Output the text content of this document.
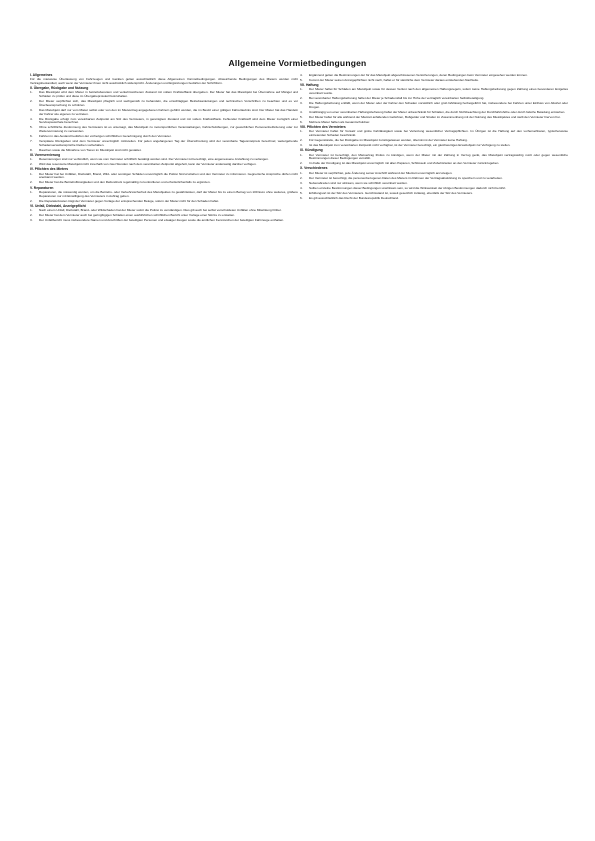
Allgemeine Vormietbedingungen
I. Allgemeines
Für die mietweise Überlassung von Fahrzeugen und Geräten gelten ausschließlich diese Allgemeinen Vormietbedingungen. Abweichende Bedingungen des Mieters werden nicht Vertragsbestandteil, auch wenn der Vermieter ihnen nicht ausdrücklich widerspricht. Änderungen und Ergänzungen bedürfen der Schriftform.
II. Übergabe, Rückgabe und Nutzung
1.	Das Mietobjekt wird dem Mieter in betriebsbereitem und verkehrssicherem Zustand mit vollem Kraftstofftank übergeben. Der Mieter hat das Mietobjekt bei Übernahme auf Mängel und Schäden zu prüfen und diese im Übergabeprotokoll festzuhalten.
2.	Der Mieter verpflichtet sich, das Mietobjekt pfleglich und sachgemäß zu behandeln, die einschlägigen Betriebsanleitungen und technischen Vorschriften zu beachten und es vor Überbeanspruchung zu schützen.
3.	Das Mietobjekt darf nur vom Mieter selbst oder von den im Mietvertrag angegebenen Fahrern geführt werden, die im Besitz einer gültigen Fahrerlaubnis sind. Der Mieter hat das Handeln der Fahrer wie eigenes zu vertreten.
4.	Die Rückgabe erfolgt zum vereinbarten Zeitpunkt am Sitz des Vermieters, in gereinigtem Zustand und mit vollem Kraftstofftank. Fehlender Kraftstoff wird dem Mieter zuzüglich einer Servicepauschale berechnet.
5.	Ohne schriftliche Zustimmung des Vermieters ist es untersagt, das Mietobjekt zu motorsportlichen Veranstaltungen, Fahrschulübungen, zur gewerblichen Personenbeförderung oder zur Weitervermietung zu verwenden.
6.	Fahrten in das Ausland bedürfen der vorherigen schriftlichen Genehmigung durch den Vermieter.
7.	Verspätete Rückgaben sind dem Vermieter unverzüglich mitzuteilen. Für jeden angefangenen Tag der Überschreitung wird der vereinbarte Tagesmietpreis berechnet; weitergehende Schadensersatzansprüche bleiben vorbehalten.
8.	Rauchen sowie die Mitnahme von Tieren im Mietobjekt sind nicht gestattet.
III. Vorreservierung
1.	Reservierungen sind nur verbindlich, wenn sie vom Vermieter schriftlich bestätigt worden sind. Der Vermieter ist berechtigt, eine angemessene Anzahlung zu verlangen.
2.	Wird das reservierte Mietobjekt nicht innerhalb von zwei Stunden nach dem vereinbarten Zeitpunkt abgeholt, kann der Vermieter anderweitig darüber verfügen.
IV. Pflichten des Mieters
1.	Der Mieter hat bei Unfällen, Diebstahl, Brand, Wild- oder sonstigen Schäden unverzüglich die Polizei hinzuzuziehen und den Vermieter zu informieren. Gegnerische Ansprüche dürfen nicht anerkannt werden.
2.	Der Mieter hat die Betriebsflüssigkeiten und den Reifendruck regelmäßig zu kontrollieren und erforderlichenfalls zu ergänzen.
V. Reparaturen
1.	Reparaturen, die notwendig werden, um die Betriebs- oder Verkehrssicherheit des Mietobjektes zu gewährleisten, darf der Mieter bis zu einem Betrag von 100 Euro ohne weiteres, größere Reparaturen nur mit Einwilligung des Vermieters in Auftrag geben.
2.	Die Reparaturkosten trägt der Vermieter gegen Vorlage der entsprechenden Belege, sofern der Mieter nicht für den Schaden haftet.
VI. Unfall, Diebstahl, Anzeigepflicht
1.	Nach einem Unfall, Diebstahl, Brand- oder Wildschaden hat der Mieter sofort die Polizei zu verständigen. Dies gilt auch bei selbst verschuldeten Unfällen ohne Mitwirkung Dritter.
2.	Der Mieter hat dem Vermieter auch bei geringfügigen Schäden einen ausführlichen schriftlichen Bericht unter Vorlage einer Skizze zu erstatten.
3.	Der Unfallbericht muss insbesondere Namen und Anschriften der beteiligten Personen und etwaiger Zeugen sowie die amtlichen Kennzeichen der beteiligten Fahrzeuge enthalten.
4.	Ergänzend gelten die Bestimmungen der für das Mietobjekt abgeschlossenen Versicherungen, deren Bedingungen beim Vermieter eingesehen werden können.
5.	Kommt der Mieter seinen Anzeigepflichten nicht nach, haftet er für sämtliche dem Vermieter daraus entstehenden Nachteile.
VII. Haftung
1.	Der Mieter haftet für Schäden am Mietobjekt sowie für dessen Verlust nach den allgemeinen Haftungsregeln, sofern keine Haftungsbefreiung gegen Zahlung eines besonderen Entgeltes vereinbart wurde.
2.	Bei vereinbarter Haftungsbefreiung haftet der Mieter je Schadensfall bis zur Höhe der vertraglich vereinbarten Selbstbeteiligung.
3.	Die Haftungsbefreiung entfällt, wenn der Mieter oder der Fahrer den Schaden vorsätzlich oder grob fahrlässig herbeigeführt hat, insbesondere bei Fahrten unter Einfluss von Alkohol oder Drogen.
4.	Unabhängig von einer vereinbarten Haftungsbefreiung haftet der Mieter unbeschränkt für Schäden, die durch Nichtbeachtung der Durchfahrtshöhe oder durch falsche Beladung entstehen.
5.	Der Mieter haftet für alle während der Mietzeit anfallenden Gebühren, Bußgelder und Strafen im Zusammenhang mit der Nutzung des Mietobjektes und stellt den Vermieter hiervon frei.
6.	Mehrere Mieter haften als Gesamtschuldner.
VIII. Pflichten des Vermieters
1.	Der Vermieter haftet für Vorsatz und grobe Fahrlässigkeit sowie bei Verletzung wesentlicher Vertragspflichten. Im Übrigen ist die Haftung auf den vorhersehbaren, typischerweise eintretenden Schaden beschränkt.
2.	Für Gegenstände, die bei Rückgabe im Mietobjekt zurückgelassen werden, übernimmt der Vermieter keine Haftung.
3.	Ist das Mietobjekt zum vereinbarten Zeitpunkt nicht verfügbar, ist der Vermieter berechtigt, ein gleichwertiges Ersatzobjekt zur Verfügung zu stellen.
IX. Kündigung
1.	Der Vermieter ist berechtigt, den Mietvertrag fristlos zu kündigen, wenn der Mieter mit der Zahlung in Verzug gerät, das Mietobjekt vertragswidrig nutzt oder gegen wesentliche Bestimmungen dieser Bedingungen verstößt.
2.	Im Falle der Kündigung ist das Mietobjekt unverzüglich mit allen Papieren, Schlüsseln und Zubehörteilen an den Vermieter zurückzugeben.
X. Verschiedenes
1.	Der Mieter ist verpflichtet, jede Änderung seiner Anschrift während der Mietzeit unverzüglich anzuzeigen.
2.	Der Vermieter ist berechtigt, die personenbezogenen Daten des Mieters im Rahmen der Vertragsabwicklung zu speichern und zu verarbeiten.
3.	Nebenabreden sind nur wirksam, wenn sie schriftlich vereinbart wurden.
4.	Sollten einzelne Bestimmungen dieser Bedingungen unwirksam sein, so wird die Wirksamkeit der übrigen Bestimmungen dadurch nicht berührt.
5.	Erfüllungsort ist der Sitz des Vermieters. Gerichtsstand ist, soweit gesetzlich zulässig, ebenfalls der Sitz des Vermieters.
6.	Es gilt ausschließlich das Recht der Bundesrepublik Deutschland.
